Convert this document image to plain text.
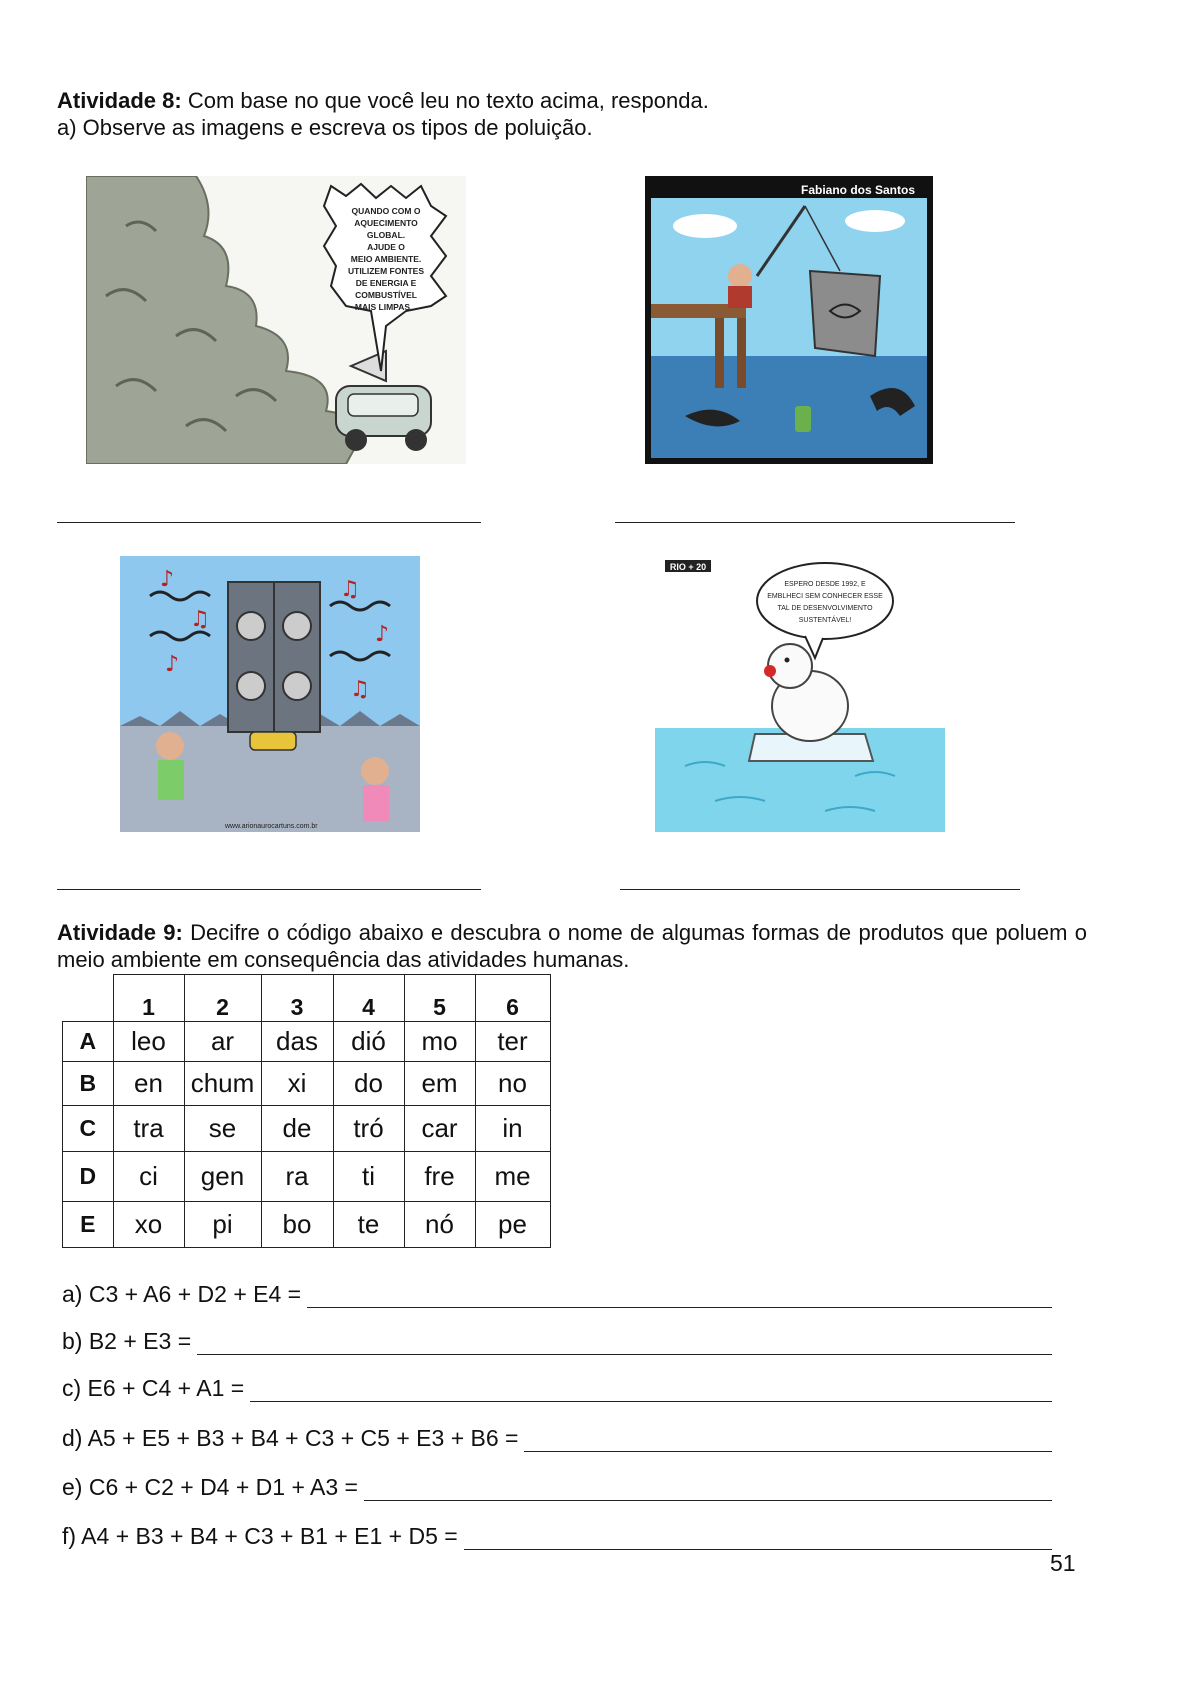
Atividade 8: Com base no que você leu no texto acima, responda.
a) Observe as imagens e escreva os tipos de poluição.
QUANDO COM O
AQUECIMENTO
GLOBAL.
AJUDE O
MEIO AMBIENTE.
UTILIZEM FONTES
DE ENERGIA E
COMBUSTÍVEL
MAIS LIMPAS...
Fabiano dos Santos
♪
♫
♪
♫
♪
♫
www.arionaurocartuns.com.br
RIO + 20
ESPERO DESDE 1992, E
EMBLHECI SEM CONHECER ESSE
TAL DE DESENVOLVIMENTO
SUSTENTÁVEL!
Atividade 9: Decifre o código abaixo e descubra o nome de algumas formas de produtos que poluem o meio ambiente em consequência das atividades humanas.
	1	2	3	4	5	6
A	leo	ar	das	dió	mo	ter
B	en	chum	xi	do	em	no
C	tra	se	de	tró	car	in
D	ci	gen	ra	ti	fre	me
E	xo	pi	bo	te	nó	pe
a) C3 + A6 + D2 + E4 =
b) B2 + E3 =
c) E6 + C4 + A1 =
d) A5 + E5 + B3 + B4 + C3 + C5 + E3 + B6 =
e) C6 + C2 + D4 + D1 + A3 =
f) A4 + B3 + B4 + C3 + B1 + E1 + D5 =
51
